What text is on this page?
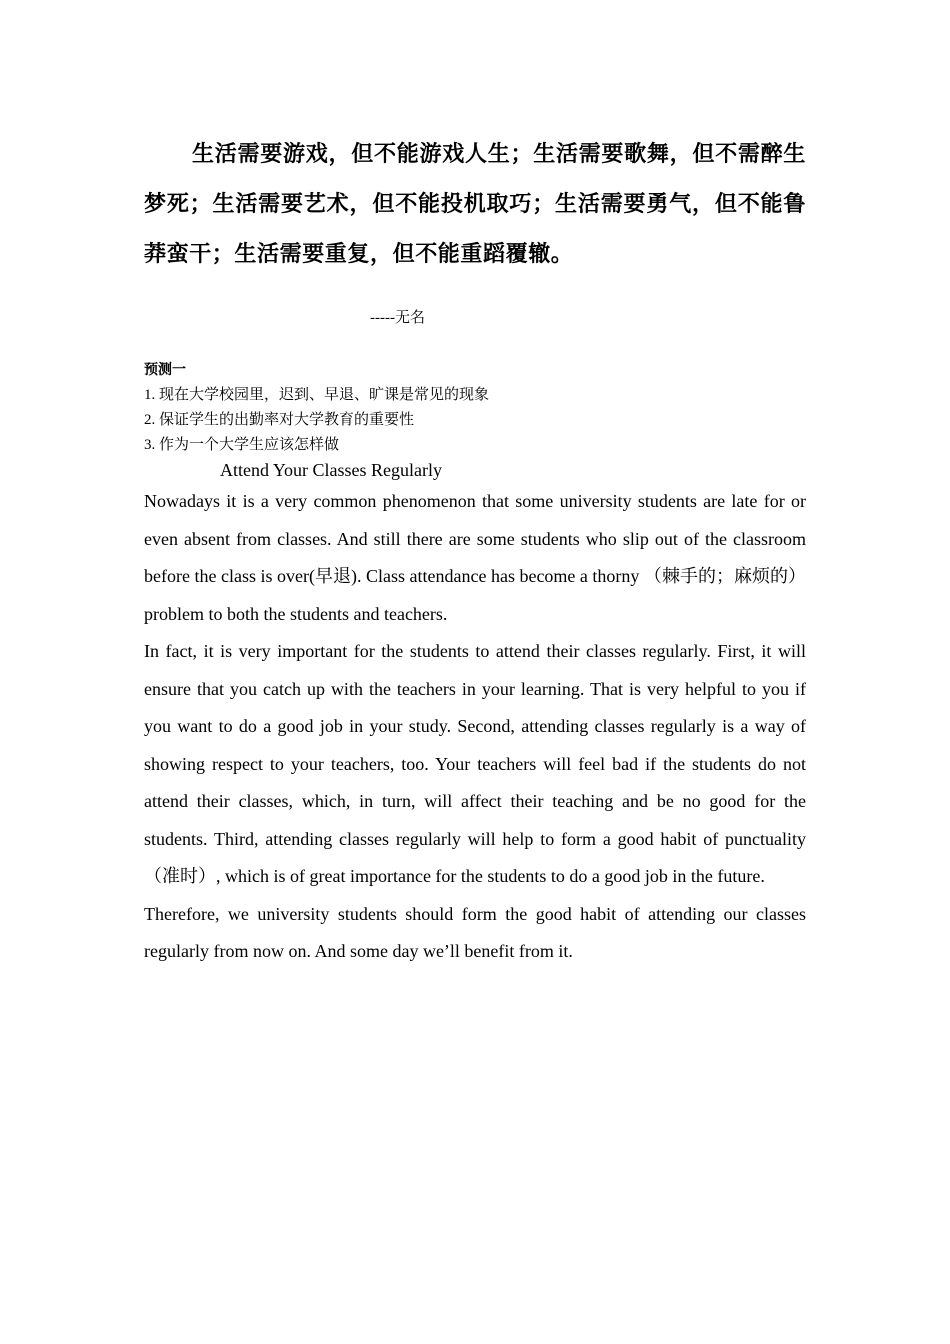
生活需要游戏，但不能游戏人生；生活需要歌舞，但不需醉生梦死；生活需要艺术，但不能投机取巧；生活需要勇气，但不能鲁莽蛮干；生活需要重复，但不能重蹈覆辙。

-----无名
预测一
1. 现在大学校园里，迟到、早退、旷课是常见的现象
2. 保证学生的出勤率对大学教育的重要性
3. 作为一个大学生应该怎样做
Attend Your Classes Regularly

Nowadays it is a very common phenomenon that some university students are late for or even absent from classes. And still there are some students who slip out of the classroom before the class is over(早退). Class attendance has become a thorny （棘手的；麻烦的）problem to both the students and teachers.

In fact, it is very important for the students to attend their classes regularly. First, it will ensure that you catch up with the teachers in your learning. That is very helpful to you if you want to do a good job in your study. Second, attending classes regularly is a way of showing respect to your teachers, too. Your teachers will feel bad if the students do not attend their classes, which, in turn, will affect their teaching and be no good for the students. Third, attending classes regularly will help to form a good habit of punctuality（准时）, which is of great importance for the students to do a good job in the future.

Therefore, we university students should form the good habit of attending our classes regularly from now on. And some day we’ll benefit from it.
